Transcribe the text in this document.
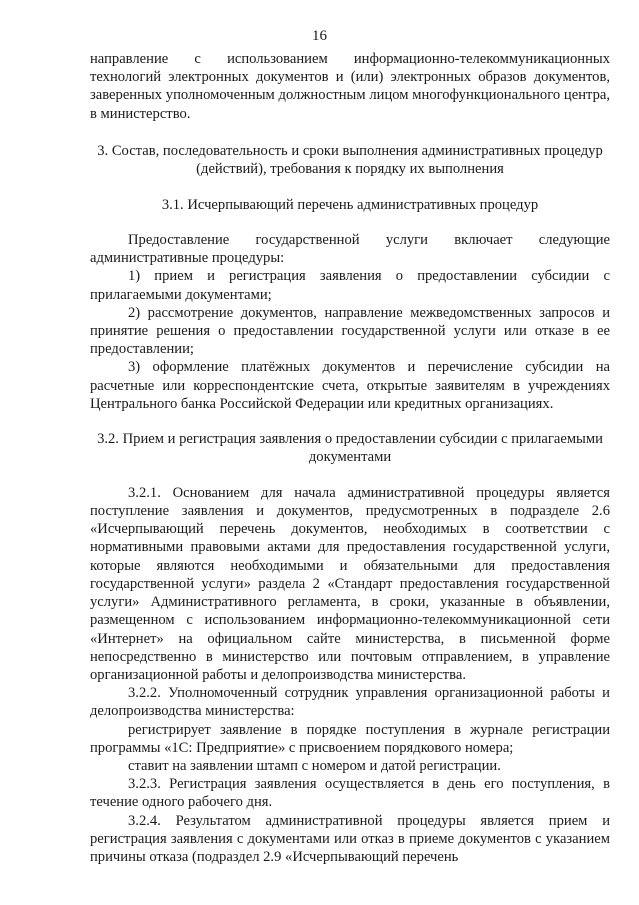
16

направление с использованием информационно-телекоммуникационных технологий электронных документов и (или) электронных образов документов, заверенных уполномоченным должностным лицом многофункционального центра, в министерство.

3. Состав, последовательность и сроки выполнения административных процедур (действий), требования к порядку их выполнения

3.1. Исчерпывающий перечень административных процедур

Предоставление государственной услуги включает следующие административные процедуры:

1) прием и регистрация заявления о предоставлении субсидии с прилагаемыми документами;

2) рассмотрение документов, направление межведомственных запросов и принятие решения о предоставлении государственной услуги или отказе в ее предоставлении;

3) оформление платёжных документов и перечисление субсидии на расчетные или корреспондентские счета, открытые заявителям в учреждениях Центрального банка Российской Федерации или кредитных организациях.

3.2. Прием и регистрация заявления о предоставлении субсидии с прилагаемыми документами

3.2.1. Основанием для начала административной процедуры является поступление заявления и документов, предусмотренных в подразделе 2.6 «Исчерпывающий перечень документов, необходимых в соответствии с нормативными правовыми актами для предоставления государственной услуги, которые являются необходимыми и обязательными для предоставления государственной услуги» раздела 2 «Стандарт предоставления государственной услуги» Административного регламента, в сроки, указанные в объявлении, размещенном с использованием информационно-телекоммуникационной сети «Интернет» на официальном сайте министерства, в письменной форме непосредственно в министерство или почтовым отправлением, в управление организационной работы и делопроизводства министерства.

3.2.2. Уполномоченный сотрудник управления организационной работы и делопроизводства министерства:

регистрирует заявление в порядке поступления в журнале регистрации программы «1С: Предприятие» с присвоением порядкового номера;

ставит на заявлении штамп с номером и датой регистрации.

3.2.3. Регистрация заявления осуществляется в день его поступления, в течение одного рабочего дня.

3.2.4. Результатом административной процедуры является прием и регистрация заявления с документами или отказ в приеме документов с указанием причины отказа (подраздел 2.9 «Исчерпывающий перечень
